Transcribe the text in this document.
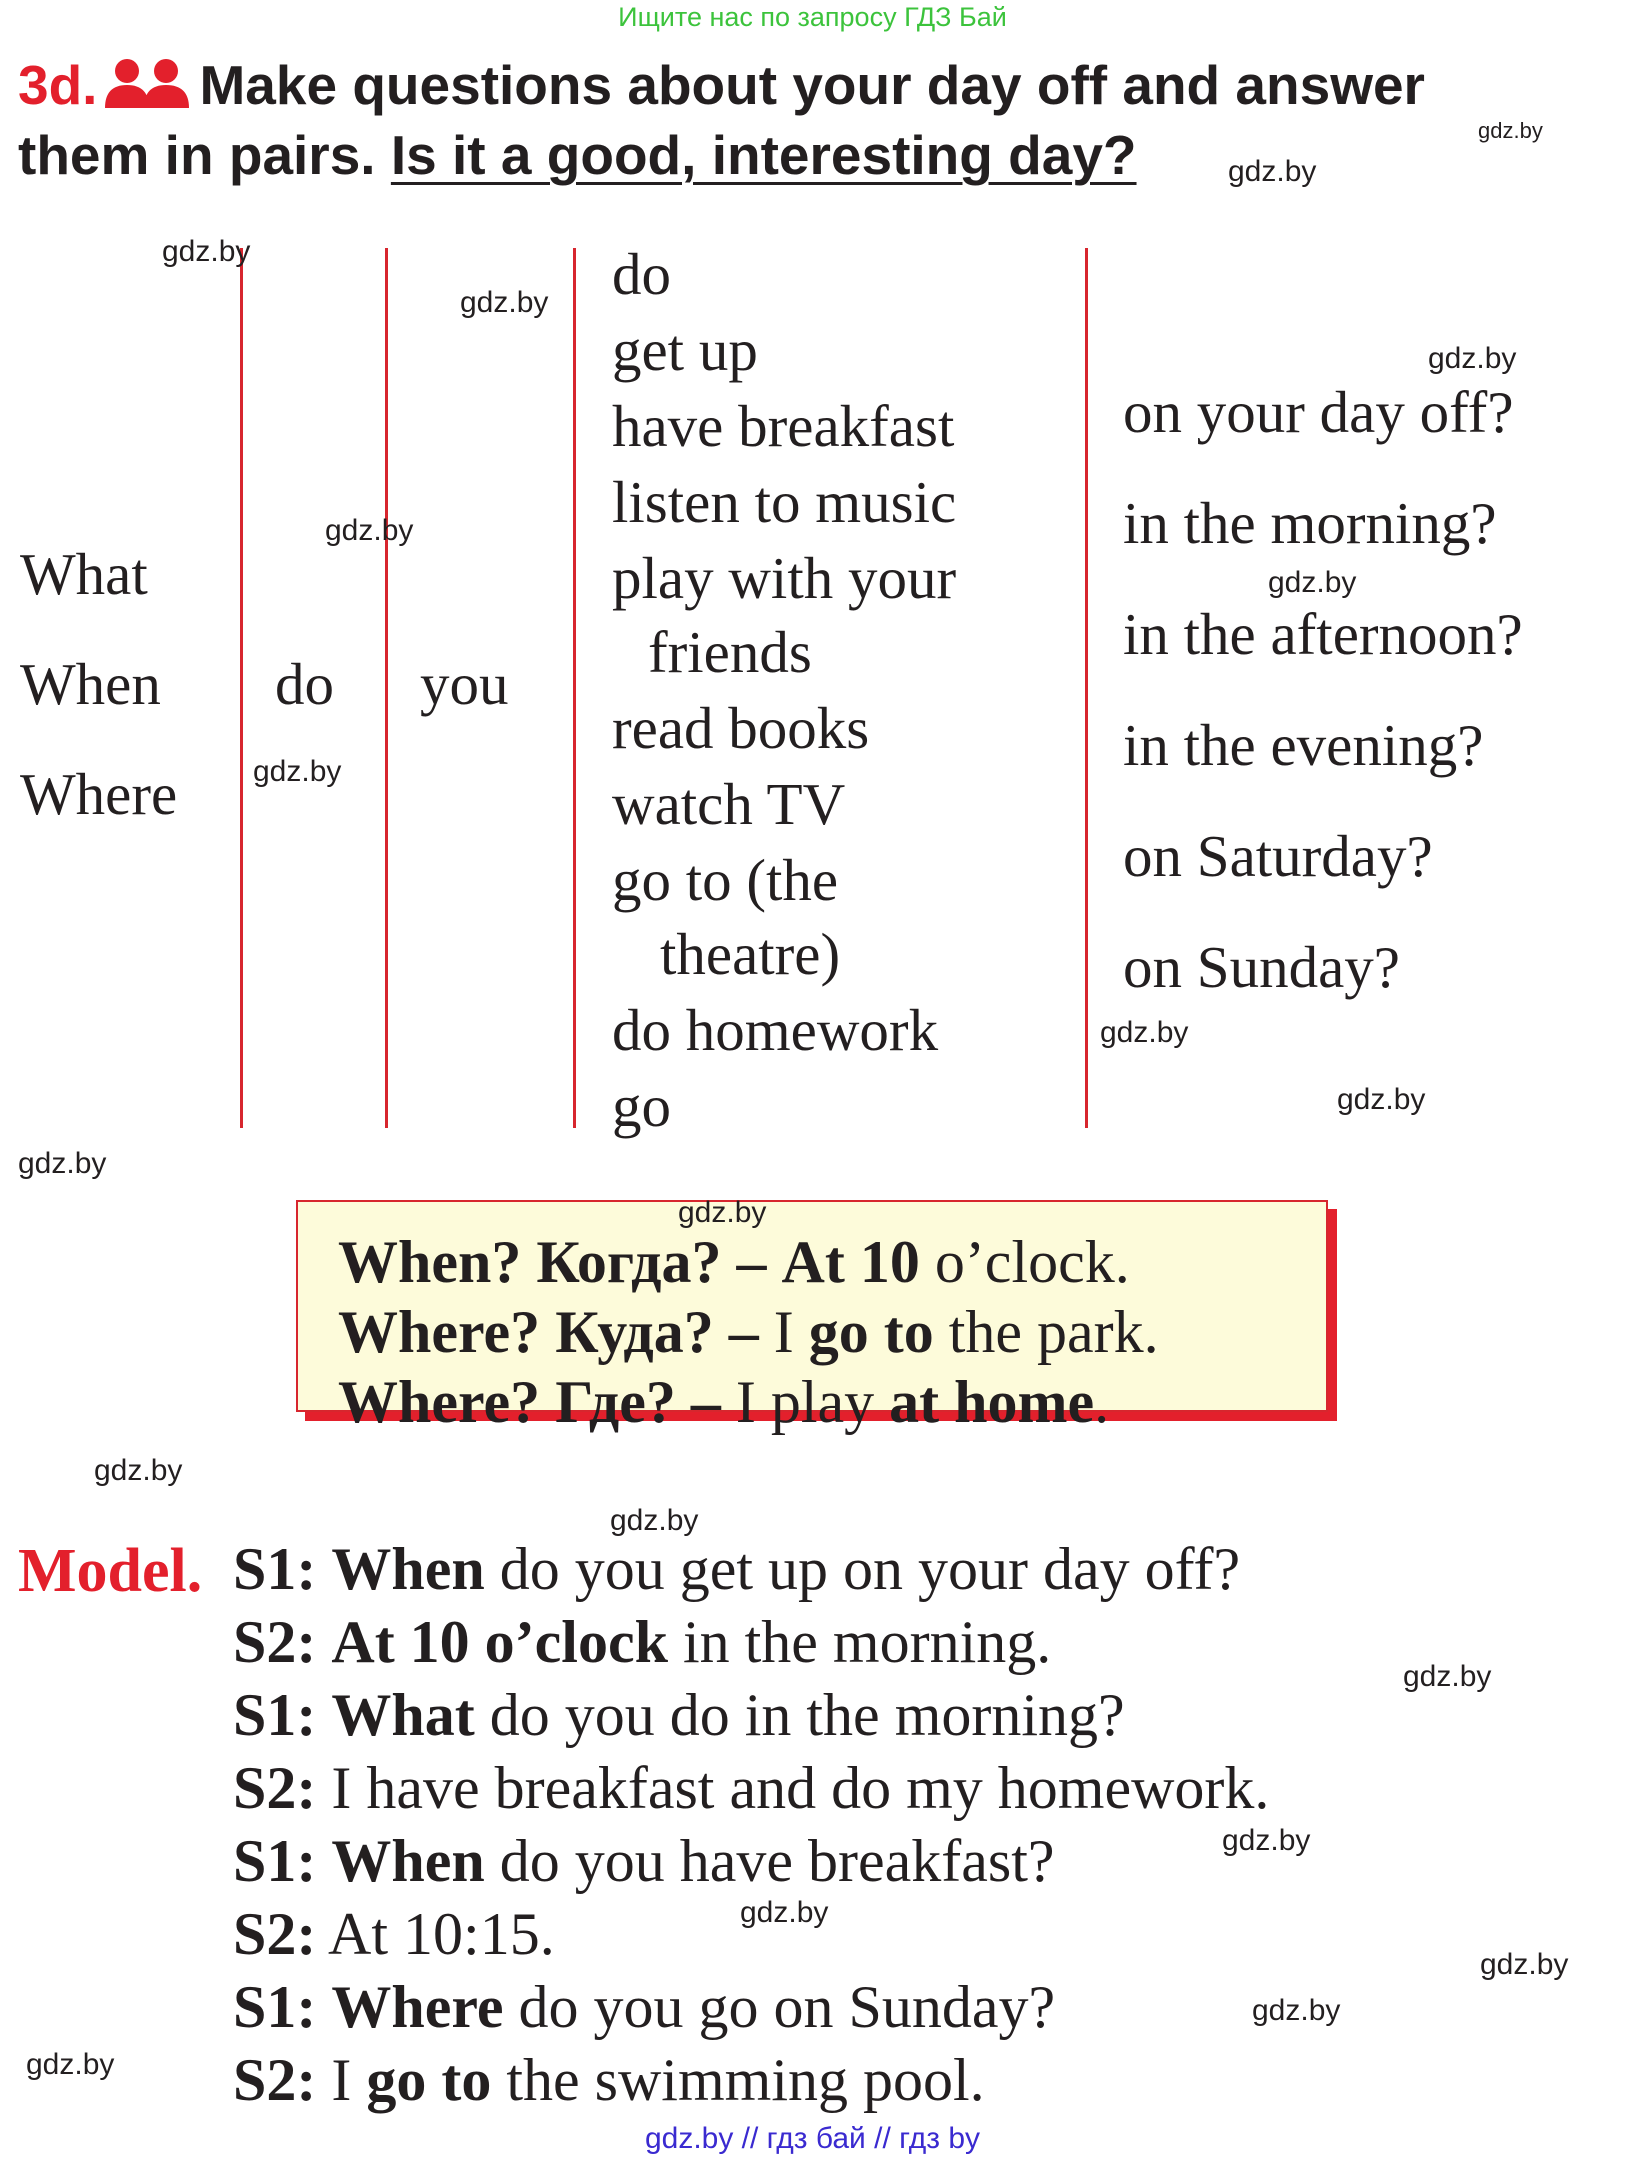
Ищите нас по запросу ГДЗ Бай
3d. Make questions about your day off and answer
them in pairs. Is it a good, interesting day?
What
When
Where
do you
do
get up
have breakfast
listen to music
play with your
friends
read books
watch TV
go to (the
theatre)
do homework
go
on your day off?
in the morning?
in the afternoon?
in the evening?
on Saturday?
on Sunday?
When? Когда? – At 10 o’clock.
Where? Куда? – I go to the park.
Where? Где? – I play at home.
Model. S1: When do you get up on your day off?
S2: At 10 o’clock in the morning.
S1: What do you do in the morning?
S2: I have breakfast and do my homework.
S1: When do you have breakfast?
S2: At 10:15.
S1: Where do you go on Sunday?
S2: I go to the swimming pool.
gdz.by
gdz.by
gdz.by
gdz.by
gdz.by
gdz.by
gdz.by
gdz.by
gdz.by
gdz.by
gdz.by
gdz.by
gdz.by
gdz.by
gdz.by
gdz.by
gdz.by
gdz.by
gdz.by
gdz.by
gdz.by // гдз бай // гдз by
